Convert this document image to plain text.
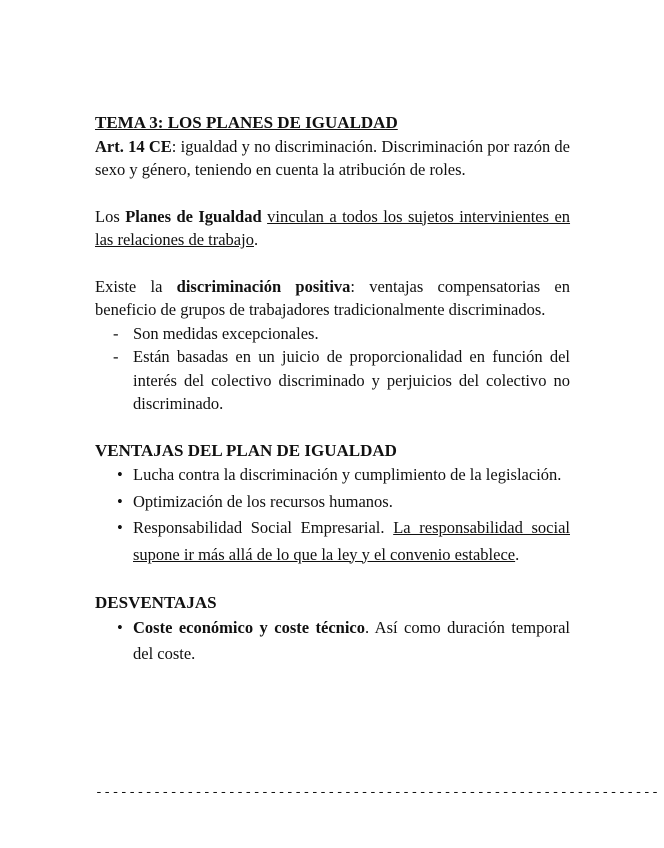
TEMA 3: LOS PLANES DE IGUALDAD

Art. 14 CE: igualdad y no discriminación. Discriminación por razón de sexo y género, teniendo en cuenta la atribución de roles.

Los Planes de Igualdad vinculan a todos los sujetos intervinientes en las relaciones de trabajo.

Existe la discriminación positiva: ventajas compensatorias en beneficio de grupos de trabajadores tradicionalmente discriminados.

- Son medidas excepcionales.
- Están basadas en un juicio de proporcionalidad en función del interés del colectivo discriminado y perjuicios del colectivo no discriminado.

VENTAJAS DEL PLAN DE IGUALDAD

• Lucha contra la discriminación y cumplimiento de la legislación.
• Optimización de los recursos humanos.
• Responsabilidad Social Empresarial. La responsabilidad social supone ir más allá de lo que la ley y el convenio establece.

DESVENTAJAS

• Coste económico y coste técnico. Así como duración temporal del coste.
--------------------------------------------------------------------
